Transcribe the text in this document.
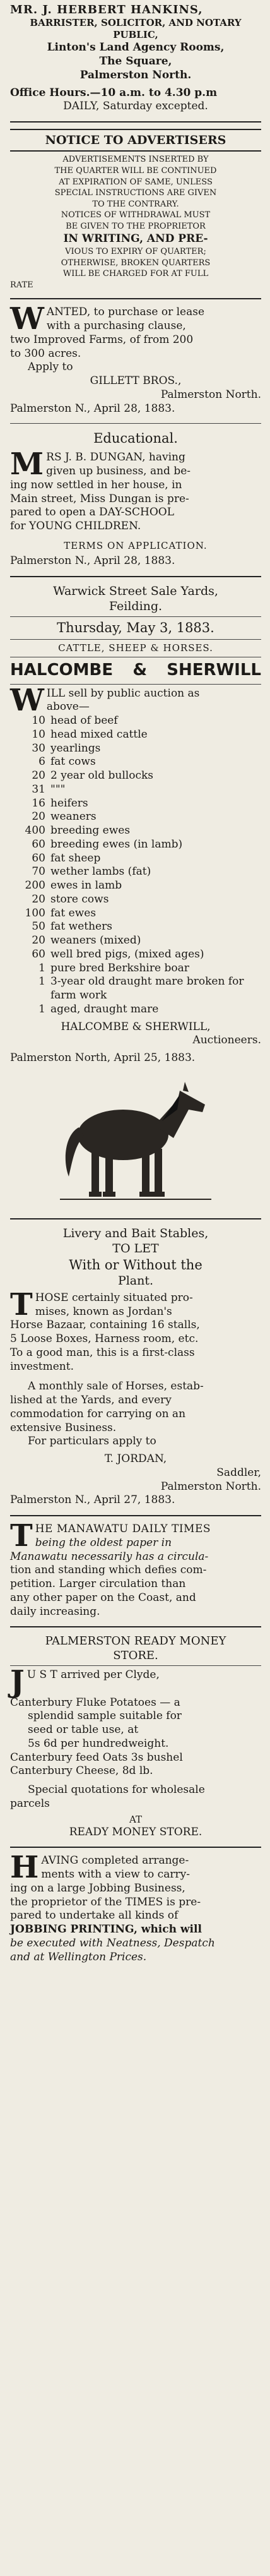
MR. J. HERBERT HANKINS,
BARRISTER, SOLICITOR, AND NOTARY PUBLIC,
Linton's Land Agency Rooms,
The Square,
Palmerston North.
Office Hours.—10 a.m. to 4.30 p.m
DAILY, Saturday excepted.
NOTICE TO ADVERTISERS
ADVERTISEMENTS INSERTED BY
THE QUARTER WILL BE CONTINUED
AT EXPIRATION OF SAME, UNLESS
SPECIAL INSTRUCTIONS ARE GIVEN
TO THE CONTRARY.
NOTICES OF WITHDRAWAL MUST
BE GIVEN TO THE PROPRIETOR
IN WRITING, AND PRE-
VIOUS TO EXPIRY OF QUARTER;
OTHERWISE, BROKEN QUARTERS
WILL BE CHARGED FOR AT FULL
RATE
W ANTED, to purchase or lease
with a purchasing clause,
two Improved Farms, of from 200
to 300 acres.
Apply to
GILLETT BROS.,
Palmerston North.
Palmerston N., April 28, 1883.
Educational.
M RS J. B. DUNGAN, having
given up business, and be-
ing now settled in her house, in
Main street, Miss Dungan is pre-
pared to open a DAY-SCHOOL
for YOUNG CHILDREN.
TERMS ON APPLICATION.
Palmerston N., April 28, 1883.
Warwick Street Sale Yards,
Feilding.
Thursday, May 3, 1883.
CATTLE, SHEEP & HORSES.
HALCOMBE & SHERWILL
W ILL sell by public auction as
above—
10 head of beef
10 head mixed cattle
30 yearlings
6 fat cows
20 2 year old bullocks
31 """
16 heifers
20 weaners
400 breeding ewes
60 breeding ewes (in lamb)
60 fat sheep
70 wether lambs (fat)
200 ewes in lamb
20 store cows
100 fat ewes
50 fat wethers
20 weaners (mixed)
60 well bred pigs, (mixed ages)
1 pure bred Berkshire boar
1 3-year old draught mare broken for farm work
1 aged, draught mare
HALCOMBE & SHERWILL,
Auctioneers.
Palmerston North, April 25, 1883.
Livery and Bait Stables,
TO LET
With or Without the
Plant.
T HOSE certainly situated pro-
mises, known as Jordan's
Horse Bazaar, containing 16 stalls,
5 Loose Boxes, Harness room, etc.
To a good man, this is a first-class
investment.
A monthly sale of Horses, estab-
lished at the Yards, and every
commodation for carrying on an
extensive Business.
For particulars apply to
T. JORDAN,
Saddler,
Palmerston North.
Palmerston N., April 27, 1883.
T HE MANAWATU DAILY TIMES
being the oldest paper in
Manawatu necessarily has a circula-
tion and standing which defies com-
petition. Larger circulation than
any other paper on the Coast, and
daily increasing.
PALMERSTON READY MONEY
STORE.
J U S T arrived per Clyde,
Canterbury Fluke Potatoes — a
splendid sample suitable for
seed or table use, at
5s 6d per hundredweight.
Canterbury feed Oats 3s bushel
Canterbury Cheese, 8d lb.
Special quotations for wholesale
parcels
AT
READY MONEY STORE.
H AVING completed arrange-
ments with a view to carry-
ing on a large Jobbing Business,
the proprietor of the TIMES is pre-
pared to undertake all kinds of
JOBBING PRINTING, which will
be executed with Neatness, Despatch
and at Wellington Prices.
